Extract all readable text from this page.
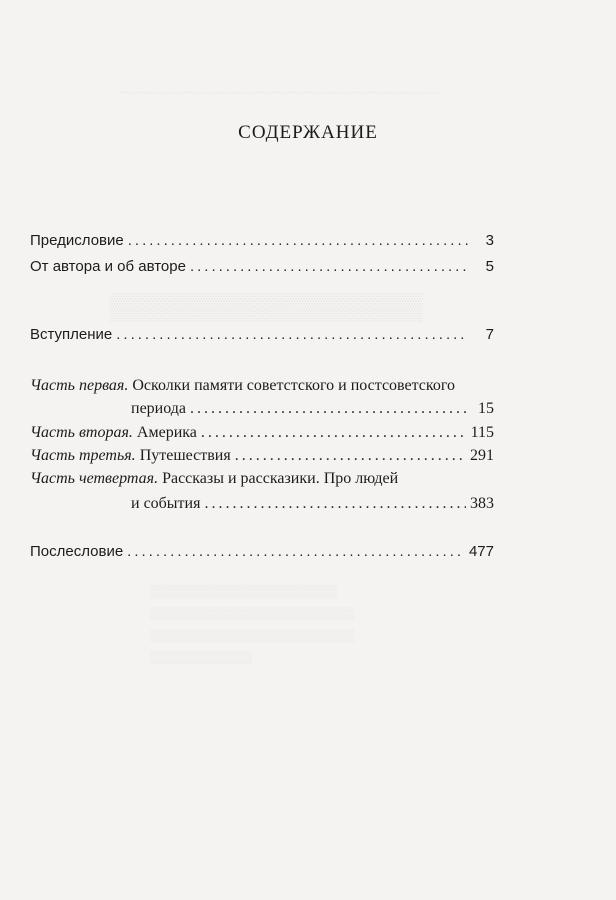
~~~~~~~~~~~~~~~~~~~~~~~~~~~~~~~~~~~~~~~~~~~~~~~~~~~~~~~~~~~
▒▒▒▒▒▒▒▒▒▒▒▒▒▒▒▒▒
▒▒▒▒▒▒▒▒▒▒▒▒▒▒▒▒▒▒▒▒▒▒
▒▒▒▒▒▒▒▒▒▒▒▒▒▒▒▒▒▒▒▒▒▒▒▒
▒▒▒▒▒▒▒▒▒▒▒▒▒▒▒▒▒▒▒▒▒▒▒▒
▒▒▒▒▒▒▒▒▒▒▒▒
СОДЕРЖАНИЕ
Предисловие .....	3
От автора и об авторе .....	5
Вступление .....	7
Часть первая. Осколки памяти советстского и постсоветского
периода .....	15
Часть вторая. Америка .....	115
Часть третья. Путешествия .....	291
Часть четвертая. Рассказы и рассказики. Про людей
и события .....	383
Послесловие .....	477
